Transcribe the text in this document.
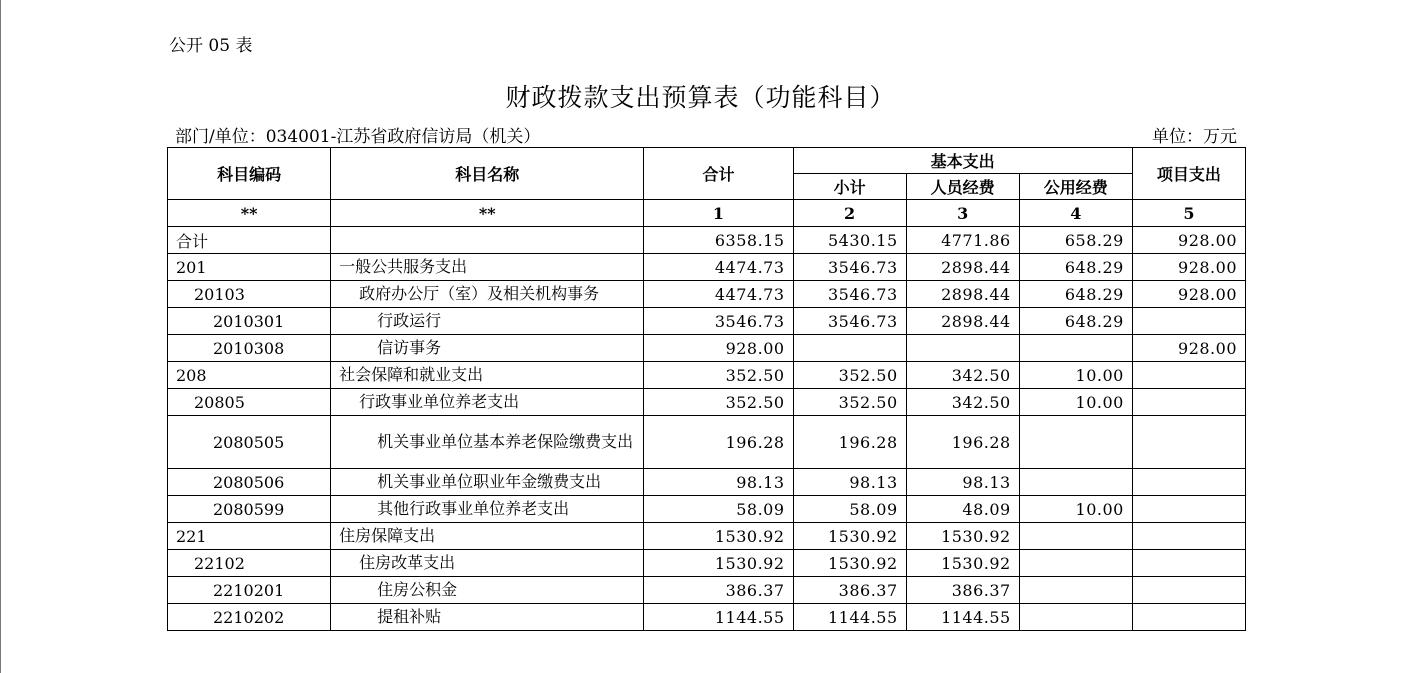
公开 05 表
财政拨款支出预算表（功能科目）
部门/单位：034001-江苏省政府信访局（机关）	单位：万元
科目编码	科目名称	合计	基本支出			项目支出
			小计	人员经费	公用经费	
**	**	1	2	3	4	5
合计		6358.15	5430.15	4771.86	658.29	928.00
201	一般公共服务支出	4474.73	3546.73	2898.44	648.29	928.00
20103	政府办公厅（室）及相关机构事务	4474.73	3546.73	2898.44	648.29	928.00
2010301	行政运行	3546.73	3546.73	2898.44	648.29	
2010308	信访事务	928.00				928.00
208	社会保障和就业支出	352.50	352.50	342.50	10.00	
20805	行政事业单位养老支出	352.50	352.50	342.50	10.00	
2080505	机关事业单位基本养老保险缴费支出	196.28	196.28	196.28		
2080506	机关事业单位职业年金缴费支出	98.13	98.13	98.13		
2080599	其他行政事业单位养老支出	58.09	58.09	48.09	10.00	
221	住房保障支出	1530.92	1530.92	1530.92		
22102	住房改革支出	1530.92	1530.92	1530.92		
2210201	住房公积金	386.37	386.37	386.37		
2210202	提租补贴	1144.55	1144.55	1144.55		
